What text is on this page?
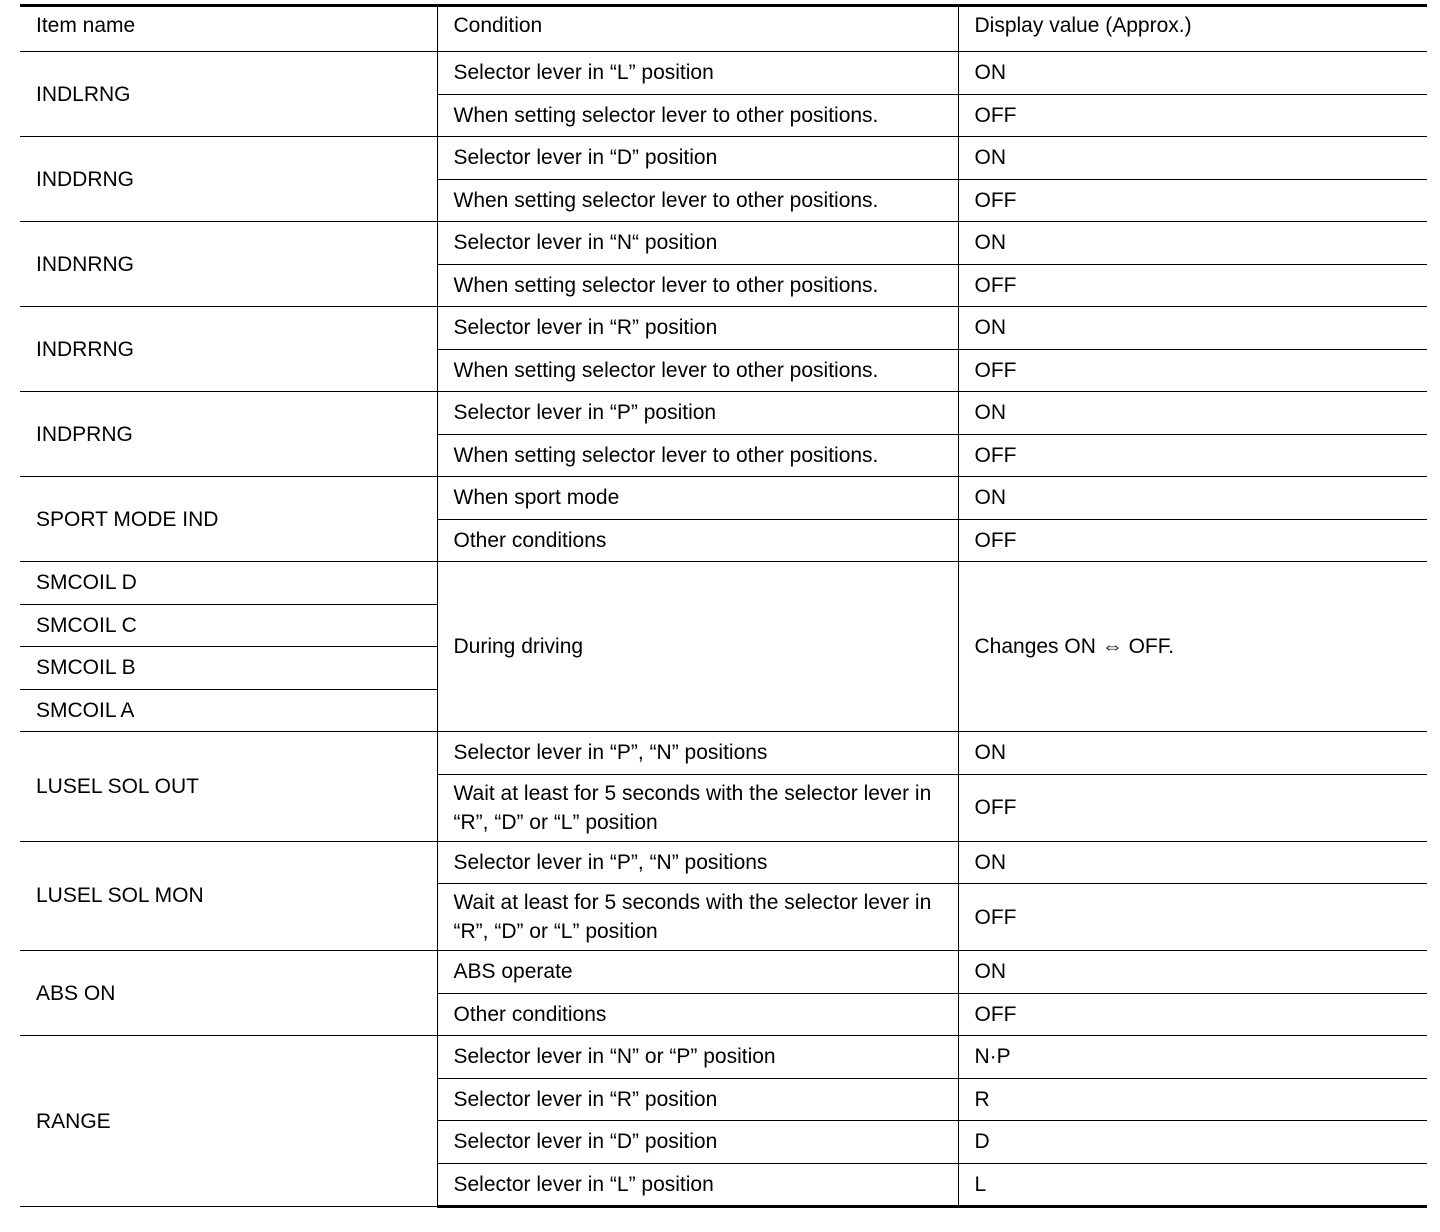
Item name	Condition	Display value (Approx.)
INDLRNG	Selector lever in “L” position	ON
	When setting selector lever to other positions.	OFF
INDDRNG	Selector lever in “D” position	ON
	When setting selector lever to other positions.	OFF
INDNRNG	Selector lever in “N“ position	ON
	When setting selector lever to other positions.	OFF
INDRRNG	Selector lever in “R” position	ON
	When setting selector lever to other positions.	OFF
INDPRNG	Selector lever in “P” position	ON
	When setting selector lever to other positions.	OFF
SPORT MODE IND	When sport mode	ON
	Other conditions	OFF
SMCOIL D	During driving	Changes ON ⇔ OFF.
SMCOIL C		
SMCOIL B		
SMCOIL A		
LUSEL SOL OUT	Selector lever in “P”, “N” positions	ON

	Wait at least for 5 seconds with the selector lever in “R”, “D” or “L” position	OFF
LUSEL SOL MON	Selector lever in “P”, “N” positions	ON

	Wait at least for 5 seconds with the selector lever in “R”, “D” or “L” position	OFF
ABS ON	ABS operate	ON
	Other conditions	OFF
RANGE	Selector lever in “N” or “P” position	N·P
	Selector lever in “R” position	R
	Selector lever in “D” position	D
	Selector lever in “L” position	L
